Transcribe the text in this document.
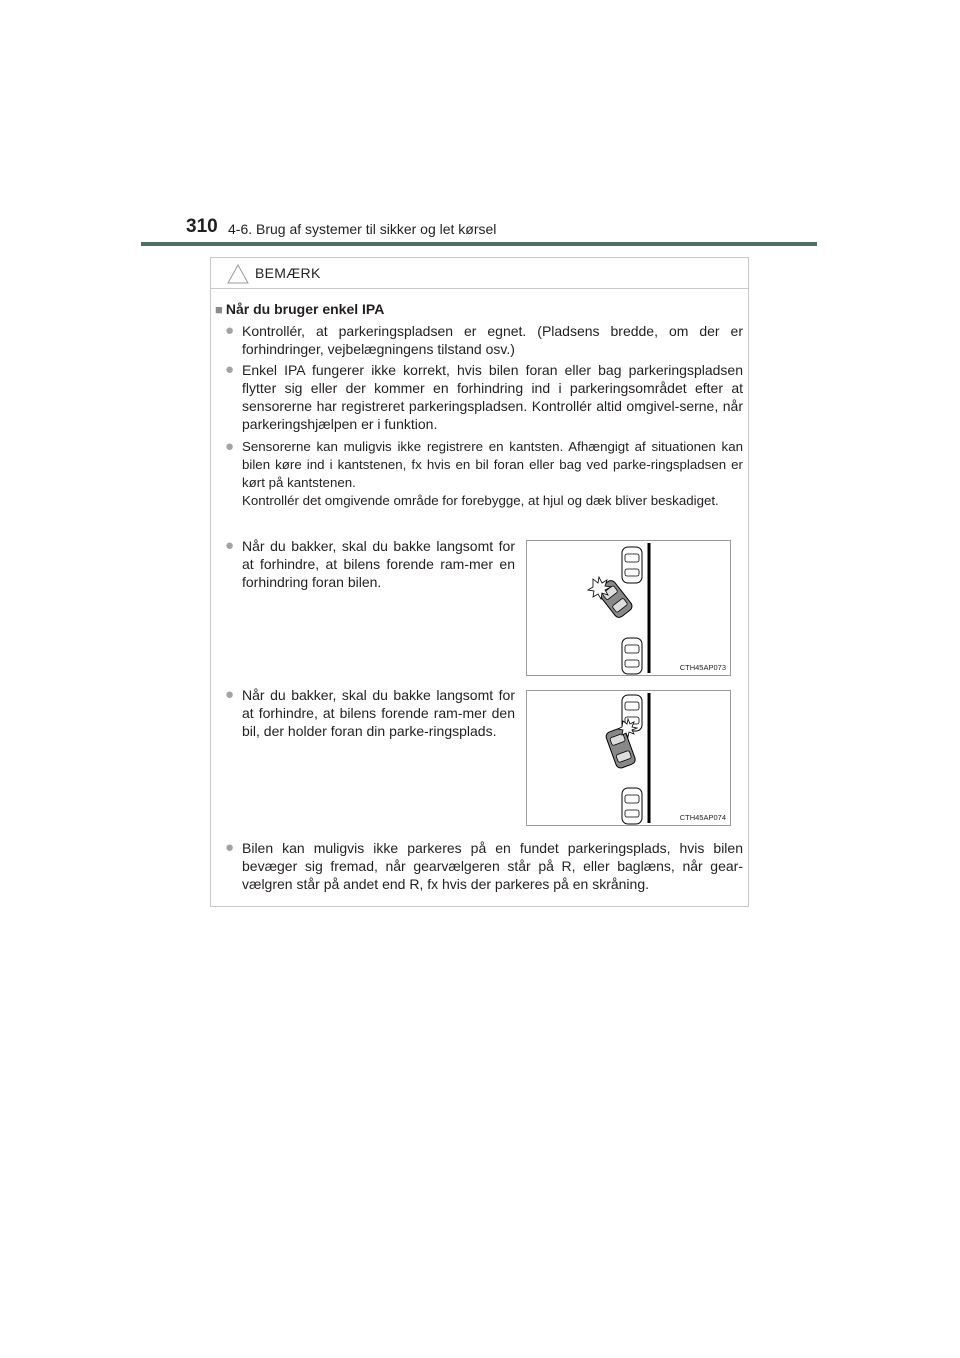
310 4-6. Brug af systemer til sikker og let kørsel
BEMÆRK
■ Når du bruger enkel IPA
● Kontrollér, at parkeringspladsen er egnet. (Pladsens bredde, om der er forhindringer, vejbelægningens tilstand osv.)
● Enkel IPA fungerer ikke korrekt, hvis bilen foran eller bag parkeringspladsen flytter sig eller der kommer en forhindring ind i parkeringsområdet efter at sensorerne har registreret parkeringspladsen. Kontrollér altid omgivel-serne, når parkeringshjælpen er i funktion.
● Sensorerne kan muligvis ikke registrere en kantsten. Afhængigt af situationen kan bilen køre ind i kantstenen, fx hvis en bil foran eller bag ved parke-ringspladsen er kørt på kantstenen.
Kontrollér det omgivende område for forebygge, at hjul og dæk bliver beskadiget.
● Når du bakker, skal du bakke langsomt for at forhindre, at bilens forende ram-mer en forhindring foran bilen.
CTH45AP073
● Når du bakker, skal du bakke langsomt for at forhindre, at bilens forende ram-mer den bil, der holder foran din parke-ringsplads.
CTH45AP074
● Bilen kan muligvis ikke parkeres på en fundet parkeringsplads, hvis bilen bevæger sig fremad, når gearvælgeren står på R, eller baglæns, når gear-vælgren står på andet end R, fx hvis der parkeres på en skråning.
